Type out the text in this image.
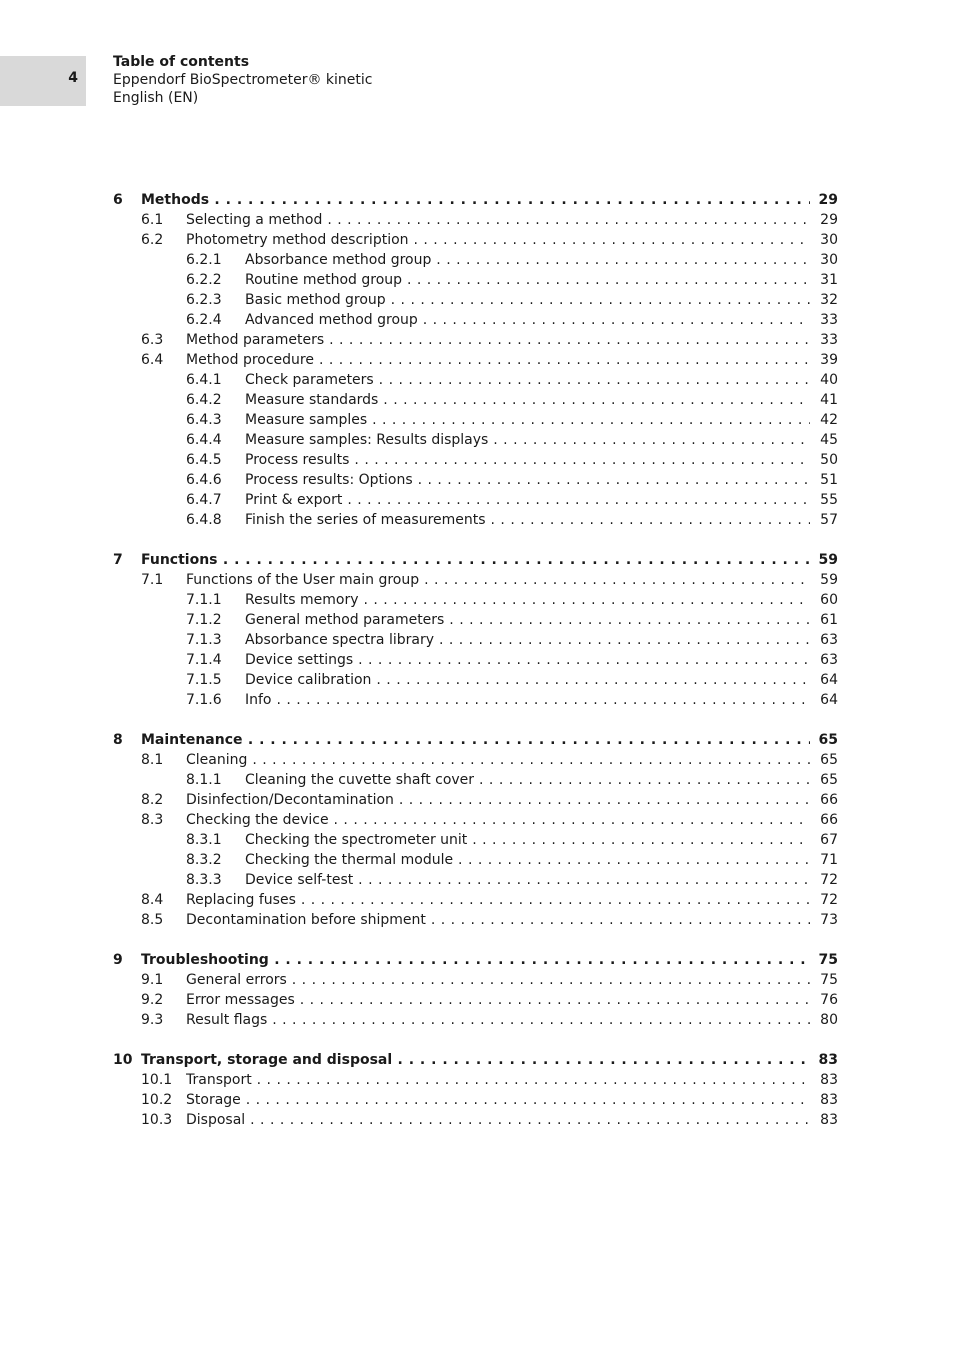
4
Table of contents
Eppendorf BioSpectrometer® kinetic
English (EN)
6 Methods . . .	29
6.1 Selecting a method . . .	29
6.2 Photometry method description . . .	30
6.2.1 Absorbance method group . . .	30
6.2.2 Routine method group . . .	31
6.2.3 Basic method group . . .	32
6.2.4 Advanced method group . . .	33
6.3 Method parameters . . .	33
6.4 Method procedure . . .	39
6.4.1 Check parameters . . .	40
6.4.2 Measure standards . . .	41
6.4.3 Measure samples . . .	42
6.4.4 Measure samples: Results displays . . .	45
6.4.5 Process results . . .	50
6.4.6 Process results: Options . . .	51
6.4.7 Print & export . . .	55
6.4.8 Finish the series of measurements . . .	57
7 Functions . . .	59
7.1 Functions of the User main group . . .	59
7.1.1 Results memory . . .	60
7.1.2 General method parameters . . .	61
7.1.3 Absorbance spectra library . . .	63
7.1.4 Device settings . . .	63
7.1.5 Device calibration . . .	64
7.1.6 Info . . .	64
8 Maintenance . . .	65
8.1 Cleaning . . .	65
8.1.1 Cleaning the cuvette shaft cover . . .	65
8.2 Disinfection/Decontamination . . .	66
8.3 Checking the device . . .	66
8.3.1 Checking the spectrometer unit . . .	67
8.3.2 Checking the thermal module . . .	71
8.3.3 Device self-test . . .	72
8.4 Replacing fuses . . .	72
8.5 Decontamination before shipment . . .	73
9 Troubleshooting . . .	75
9.1 General errors . . .	75
9.2 Error messages . . .	76
9.3 Result flags . . .	80
10 Transport, storage and disposal . . .	83
10.1 Transport . . .	83
10.2 Storage . . .	83
10.3 Disposal . . .	83
